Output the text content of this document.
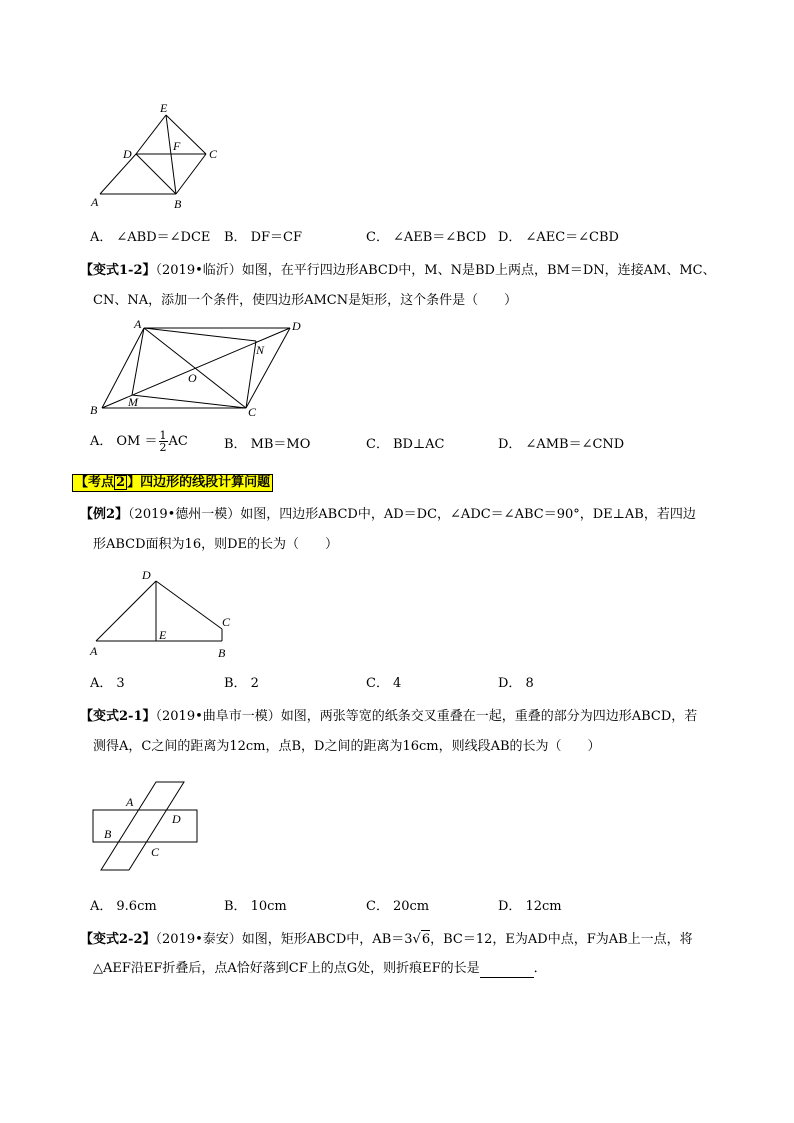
E
D
F
C
A	B
A． ∠ABD＝∠DCE B． DF＝CF	C． ∠AEB＝∠BCD D． ∠AEC＝∠CBD
【变式1-2】（2019•临沂）如图，在平行四边形ABCD中，M、N是BD上两点，BM＝DN，连接AM、MC、
CN、NA，添加一个条件，使四边形AMCN是矩形，这个条件是（　　）
A	D
N
O
B
M
C
A． OM ＝ $\frac{1}{2}$ AC	B． MB＝MO	C． BD⊥AC	D． ∠AMB＝∠CND
【考点 2 】四边形的线段计算问题
【例2】（2019•德州一模）如图，四边形ABCD中，AD＝DC，∠ADC＝∠ABC＝90°，DE⊥AB，若四边
形ABCD面积为16，则DE的长为（　　）
D
C
E
A	B
A． 3	B． 2	C． 4	D． 8
【变式2-1】（2019•曲阜市一模）如图，两张等宽的纸条交叉重叠在一起，重叠的部分为四边形ABCD，若
测得A，C之间的距离为12cm，点B，D之间的距离为16cm，则线段AB的长为（　　）
A
D
B
C
A． 9.6cm	B． 10cm	C． 20cm	D． 12cm
【变式2-2】（2019•泰安）如图，矩形ABCD中，AB＝3√6，BC＝12，E为AD中点，F为AB上一点，将
△AEF沿EF折叠后，点A恰好落到CF上的点G处，则折痕EF的长是	．
